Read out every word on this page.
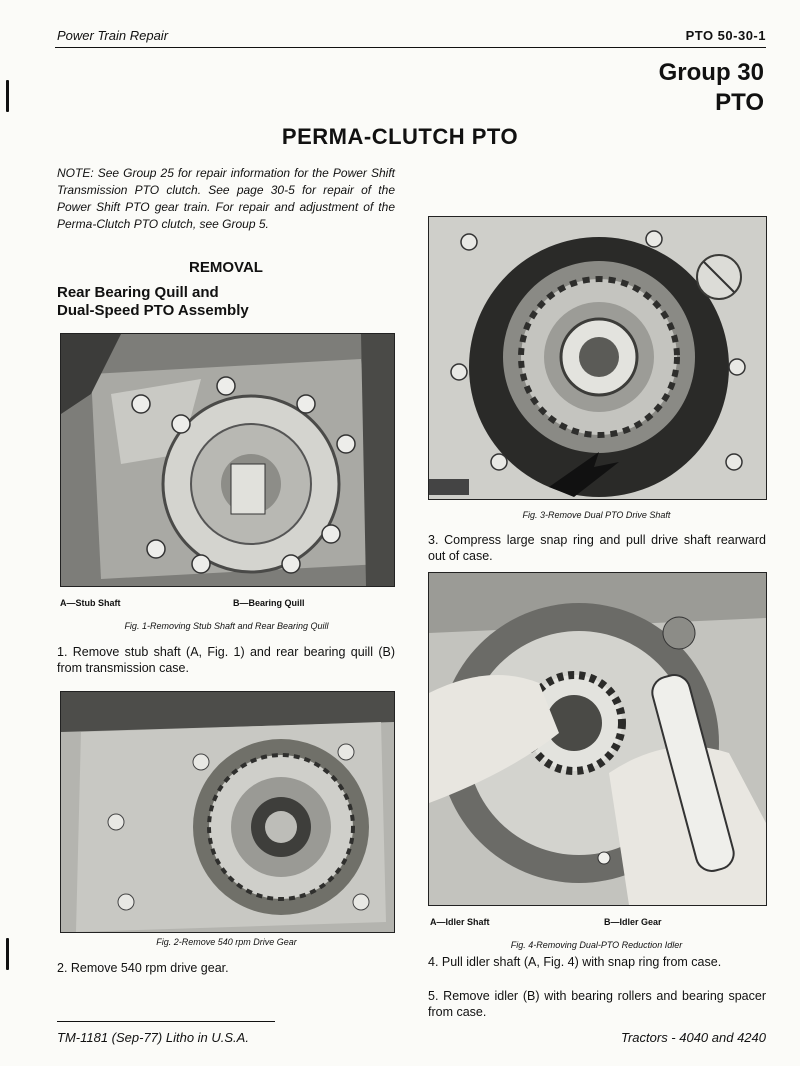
Power Train Repair	PTO 50-30-1
Group 30
PTO
PERMA-CLUTCH PTO
NOTE: See Group 25 for repair information for the Power Shift Transmission PTO clutch. See page 30-5 for repair of the Power Shift PTO gear train. For repair and adjustment of the Perma-Clutch PTO clutch, see Group 5.
REMOVAL
Rear Bearing Quill and
Dual-Speed PTO Assembly
A—Stub Shaft	B—Bearing Quill
Fig. 1-Removing Stub Shaft and Rear Bearing Quill
1. Remove stub shaft (A, Fig. 1) and rear bearing quill (B) from transmission case.
Fig. 2-Remove 540 rpm Drive Gear
2. Remove 540 rpm drive gear.
Fig. 3-Remove Dual PTO Drive Shaft
3. Compress large snap ring and pull drive shaft rearward out of case.
A—Idler Shaft	B—Idler Gear
Fig. 4-Removing Dual-PTO Reduction Idler
4. Pull idler shaft (A, Fig. 4) with snap ring from case.
5. Remove idler (B) with bearing rollers and bearing spacer from case.
TM-1181 (Sep-77) Litho in U.S.A.	Tractors - 4040 and 4240
